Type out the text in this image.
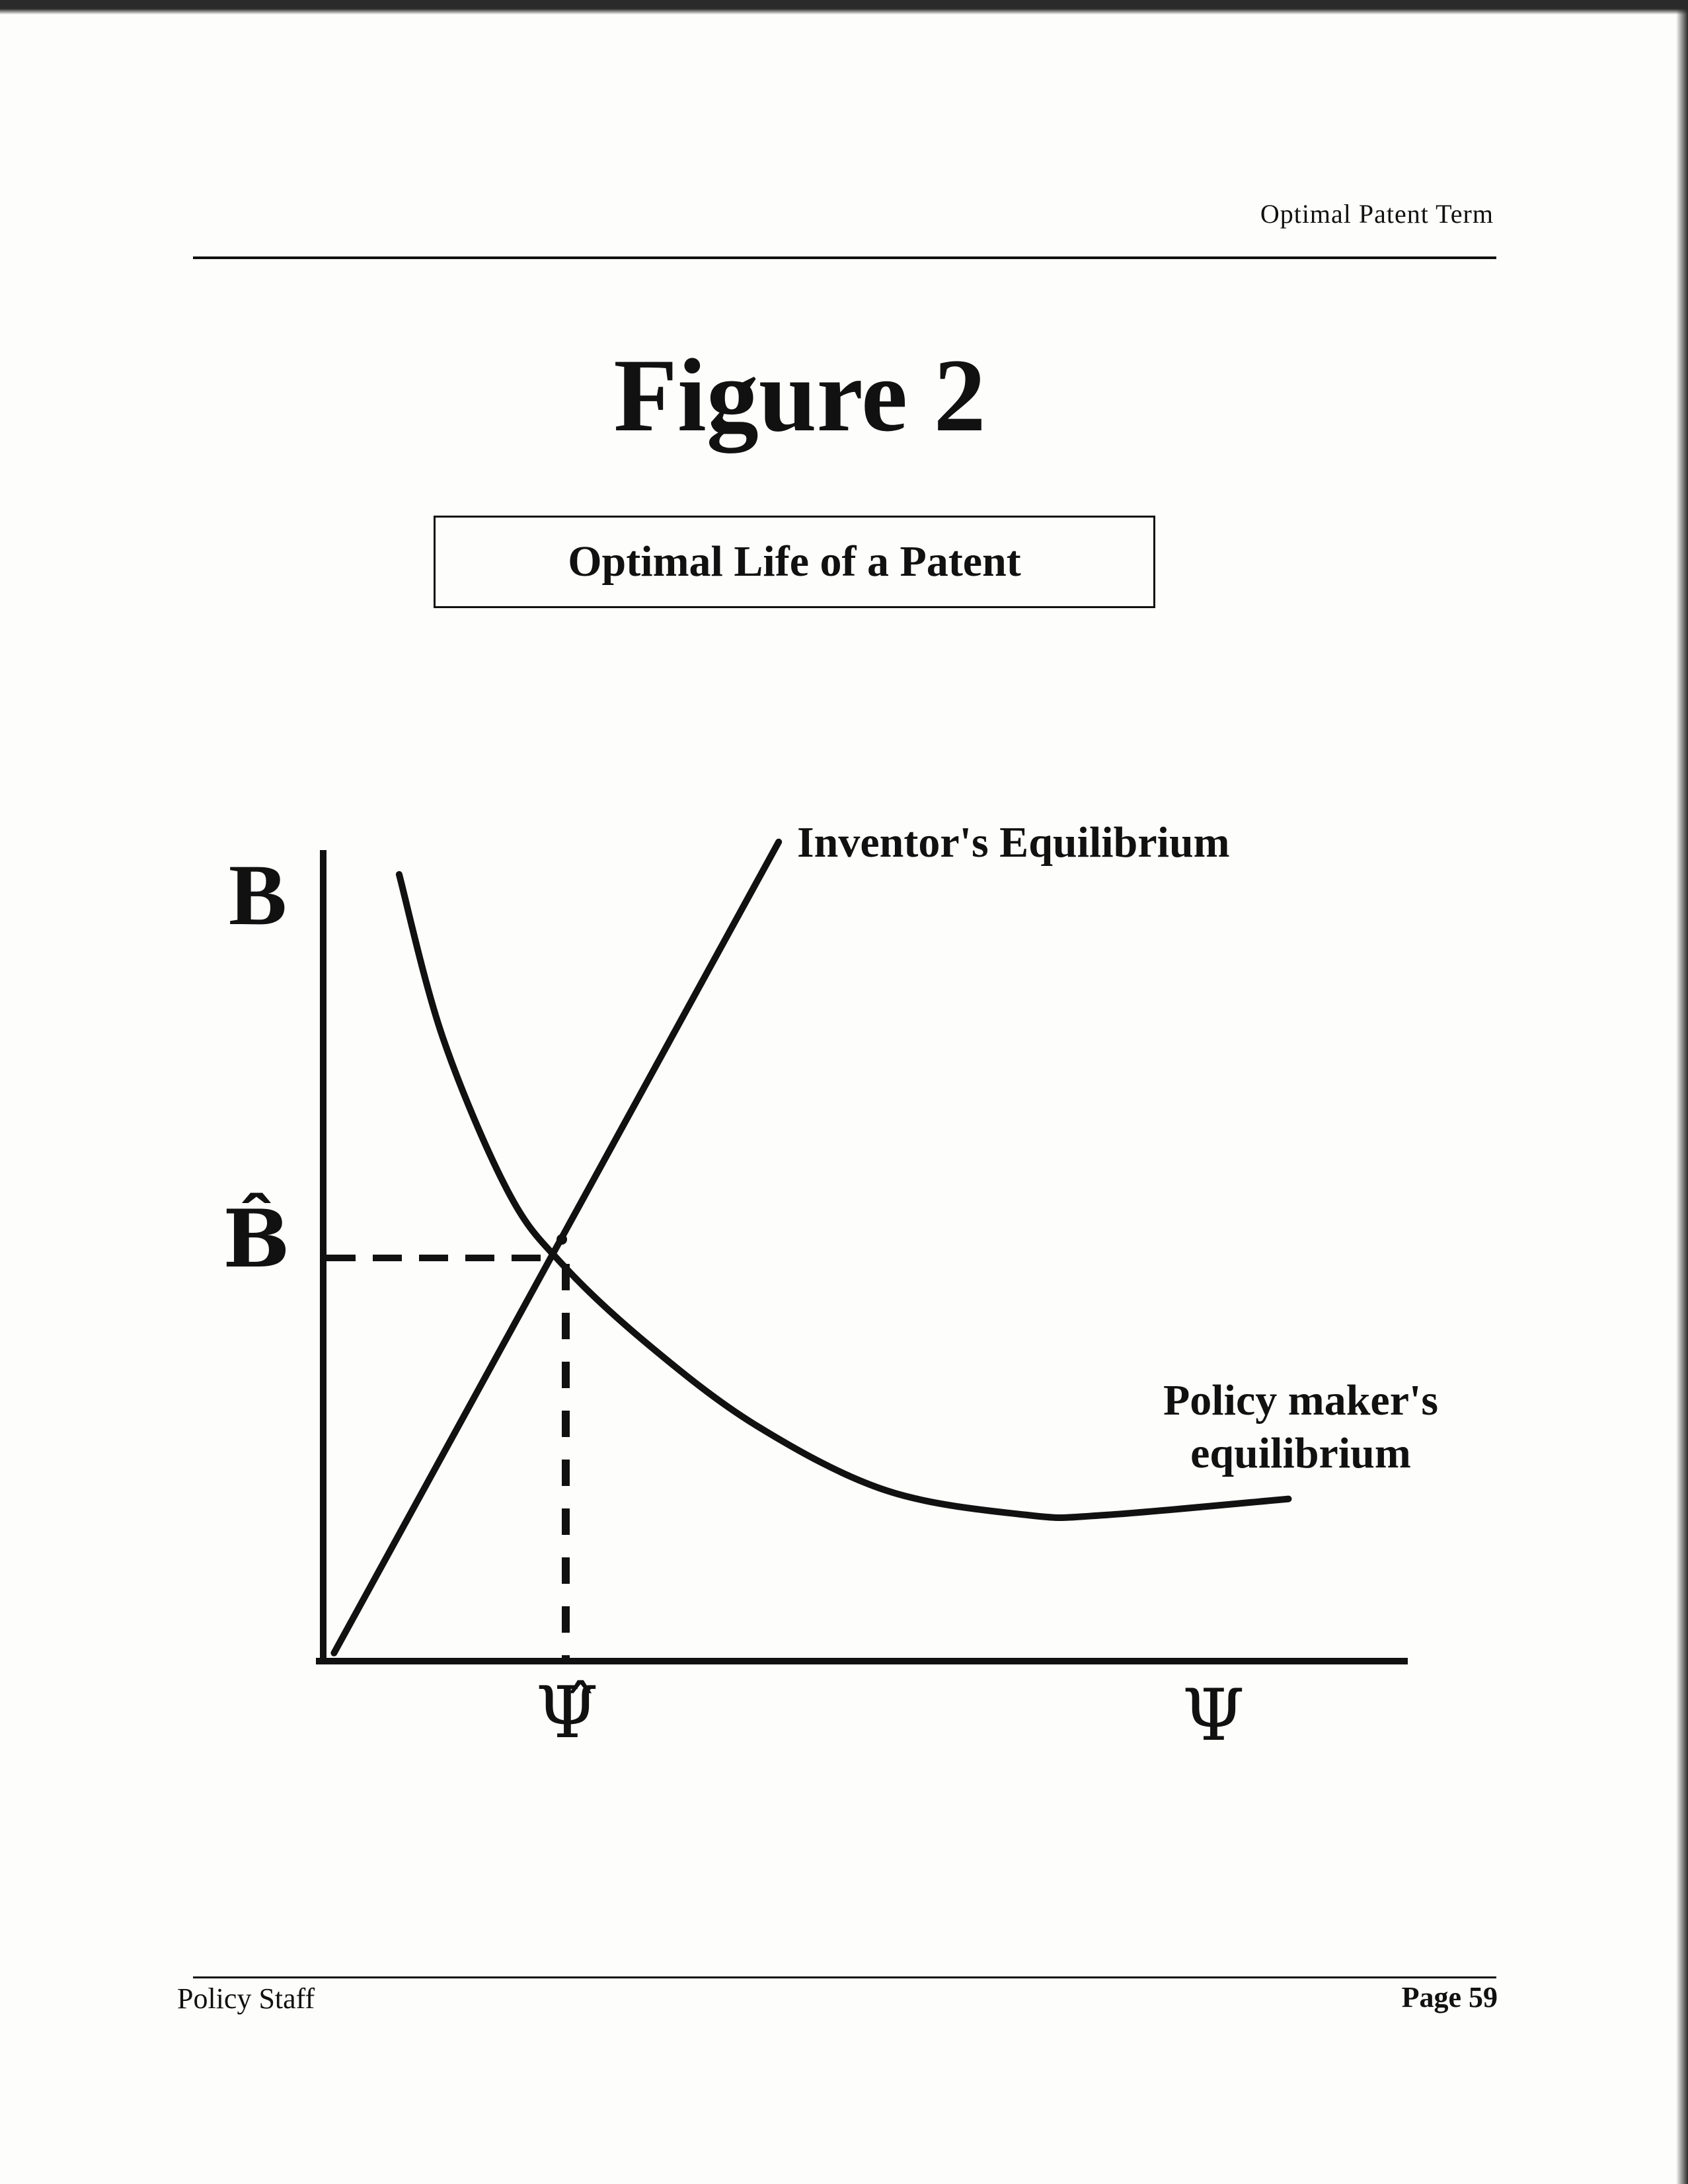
Optimal Patent Term
Figure 2
Optimal Life of a Patent
B
Ψ
B̂
Ψ̂
Inventor's Equilibrium
Policy maker's
equilibrium
Policy Staff	Page 59
